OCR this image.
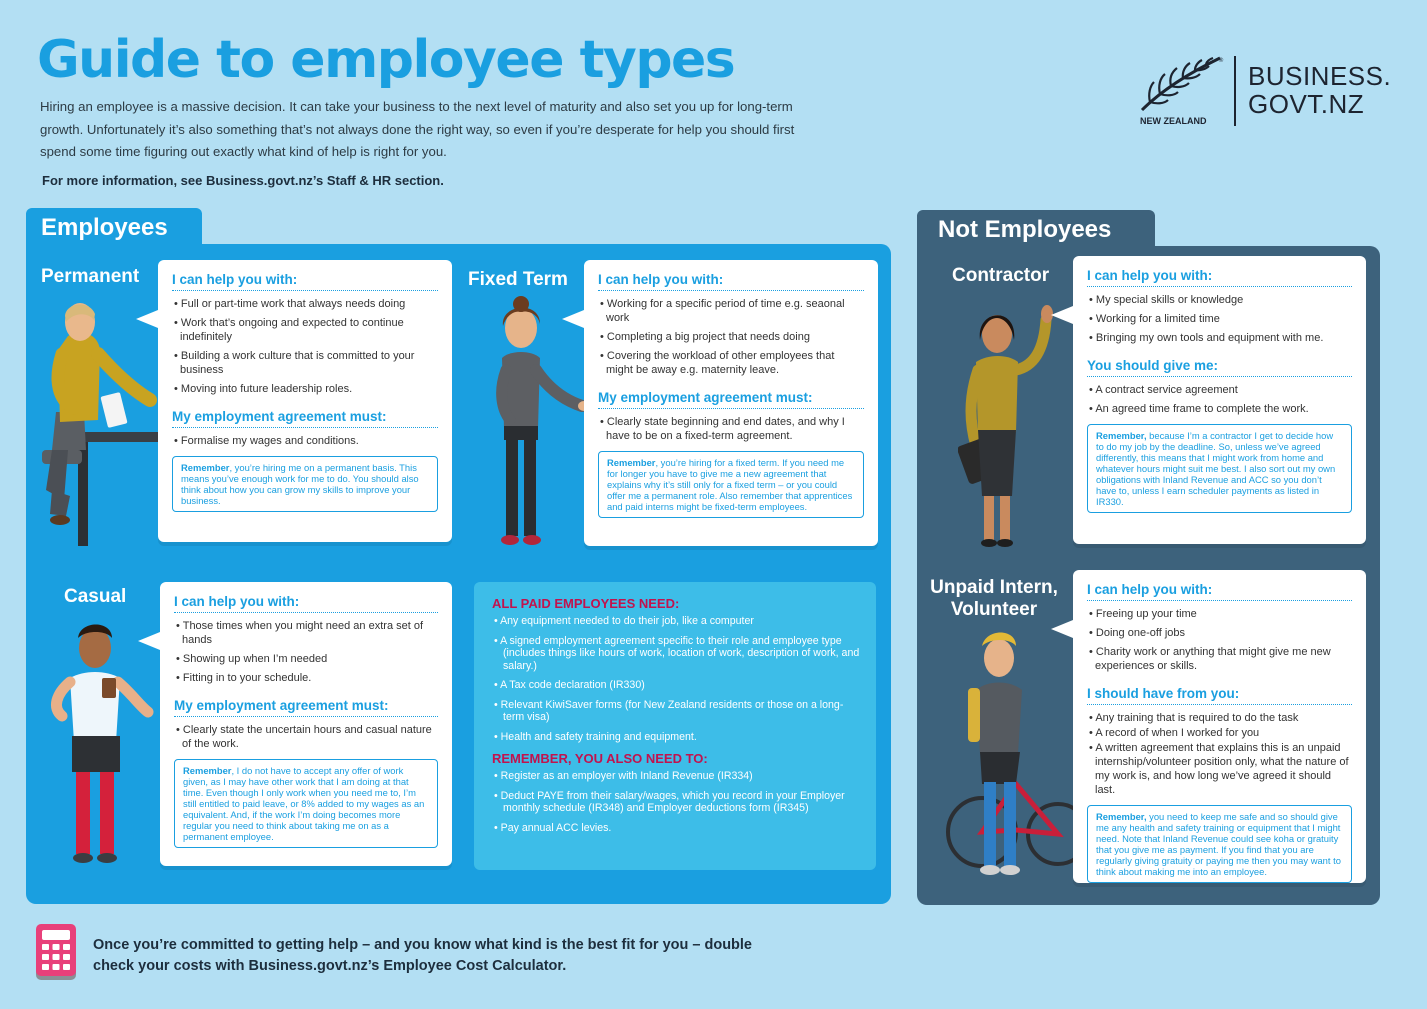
Guide to employee types
Hiring an employee is a massive decision. It can take your business to the next level of maturity and also set you up for long-term growth. Unfortunately it’s also something that’s not always done the right way, so even if you’re desperate for help you should first spend some time figuring out exactly what kind of help is right for you.
For more information, see Business.govt.nz’s Staff & HR section.
®
NEW ZEALAND
BUSINESS.
GOVT.NZ
Employees	Not Employees
Permanent I can help you with:
• Full or part-time work that always needs doing
• Work that’s ongoing and expected to continue indefinitely
• Building a work culture that is committed to your business
• Moving into future leadership roles.
My employment agreement must:
• Formalise my wages and conditions.
Remember, you’re hiring me on a permanent basis. This means you’ve enough work for me to do. You should also think about how you can grow my skills to improve your business.
Fixed Term I can help you with:
• Working for a specific period of time e.g. seaonal work
• Completing a big project that needs doing
• Covering the workload of other employees that might be away e.g. maternity leave.
My employment agreement must:
• Clearly state beginning and end dates, and why I have to be on a fixed-term agreement.
Remember, you’re hiring for a fixed term. If you need me for longer you have to give me a new agreement that explains why it’s still only for a fixed term – or you could offer me a permanent role. Also remember that apprentices and paid interns might be fixed-term employees.
Casual	I can help you with:
• Those times when you might need an extra set of hands
• Showing up when I’m needed
• Fitting in to your schedule.
My employment agreement must:
• Clearly state the uncertain hours and casual nature of the work.
Remember, I do not have to accept any offer of work given, as I may have other work that I am doing at that time. Even though I only work when you need me to, I’m still entitled to paid leave, or 8% added to my wages as an equivalent. And, if the work I’m doing becomes more regular you need to think about taking me on as a permanent employee.
ALL PAID EMPLOYEES NEED:
• Any equipment needed to do their job, like a computer
• A signed employment agreement specific to their role and employee type (includes things like hours of work, location of work, description of work, and salary.)
• A Tax code declaration (IR330)
• Relevant KiwiSaver forms (for New Zealand residents or those on a long-term visa)
• Health and safety training and equipment.
REMEMBER, YOU ALSO NEED TO:
• Register as an employer with Inland Revenue (IR334)
• Deduct PAYE from their salary/wages, which you record in your Employer monthly schedule (IR348) and Employer deductions form (IR345)
• Pay annual ACC levies.
Contractor	I can help you with:
• My special skills or knowledge
• Working for a limited time
• Bringing my own tools and equipment with me.
You should give me:
• A contract service agreement
• An agreed time frame to complete the work.
Remember, because I’m a contractor I get to decide how to do my job by the deadline. So, unless we’ve agreed differently, this means that I might work from home and whatever hours might suit me best. I also sort out my own obligations with Inland Revenue and ACC so you don’t have to, unless I earn scheduler payments as listed in IR330.
Unpaid Intern,
Volunteer
I can help you with:
• Freeing up your time
• Doing one-off jobs
• Charity work or anything that might give me new experiences or skills.
I should have from you:
• Any training that is required to do the task
• A record of when I worked for you
• A written agreement that explains this is an unpaid internship/volunteer position only, what the nature of my work is, and how long we’ve agreed it should last.
Remember, you need to keep me safe and so should give me any health and safety training or equipment that I might need. Note that Inland Revenue could see koha or gratuity that you give me as payment. If you find that you are regularly giving gratuity or paying me then you may want to think about making me into an employee.
Once you’re committed to getting help – and you know what kind is the best fit for you – double check your costs with Business.govt.nz’s Employee Cost Calculator.
